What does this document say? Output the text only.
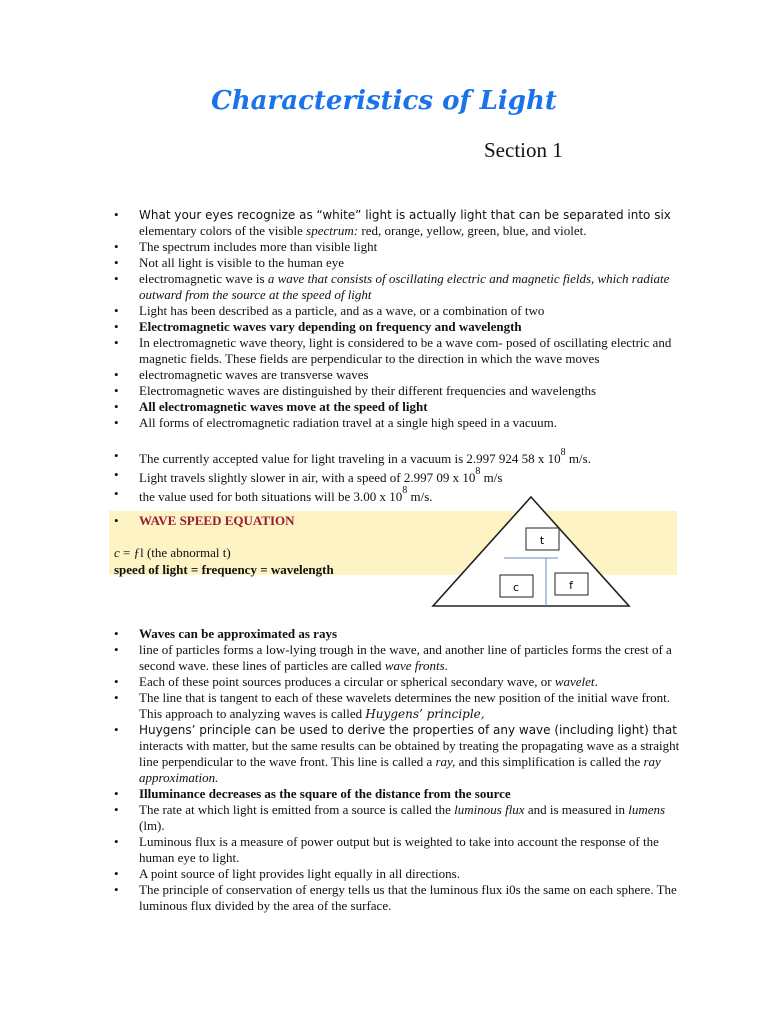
Characteristics of Light
Section 1
• What your eyes recognize as “white” light is actually light that can be separated into six elementary colors of the visible spectrum: red, orange, yellow, green, blue, and violet.
• The spectrum includes more than visible light
• Not all light is visible to the human eye
• electromagnetic wave is a wave that consists of oscillating electric and magnetic fields, which radiate outward from the source at the speed of light
• Light has been described as a particle, and as a wave, or a combination of two
• Electromagnetic waves vary depending on frequency and wavelength
• In electromagnetic wave theory, light is considered to be a wave com- posed of oscillating electric and magnetic fields. These fields are perpendicular to the direction in which the wave moves
• electromagnetic waves are transverse waves
• Electromagnetic waves are distinguished by their different frequencies and wavelengths
• All electromagnetic waves move at the speed of light
• All forms of electromagnetic radiation travel at a single high speed in a vacuum.
• The currently accepted value for light traveling in a vacuum is 2.997 924 58 x $10^8$ m/s.
• Light travels slightly slower in air, with a speed of 2.997 09 x $10^8$ m/s
• the value used for both situations will be 3.00 x $10^8$ m/s.
• WAVE SPEED EQUATION
c = ƒl (the abnormal t)
speed of light = frequency = wavelength
t
c	f
• Waves can be approximated as rays
• line of particles forms a low-lying trough in the wave, and another line of particles forms the crest of a second wave. these lines of particles are called wave fronts.
• Each of these point sources produces a circular or spherical secondary wave, or wavelet.
• The line that is tangent to each of these wavelets determines the new position of the initial wave front. This approach to analyzing waves is called Huygens’ principle,
• Huygens’ principle can be used to derive the properties of any wave (including light) that interacts with matter, but the same results can be obtained by treating the propagating wave as a straight line perpendicular to the wave front. This line is called a ray, and this simplification is called the ray approximation.
• Illuminance decreases as the square of the distance from the source
• The rate at which light is emitted from a source is called the luminous flux and is measured in lumens (lm).
• Luminous flux is a measure of power output but is weighted to take into account the response of the human eye to light.
• A point source of light provides light equally in all directions.
• The principle of conservation of energy tells us that the luminous flux i0s the same on each sphere. The luminous flux divided by the area of the surface.
